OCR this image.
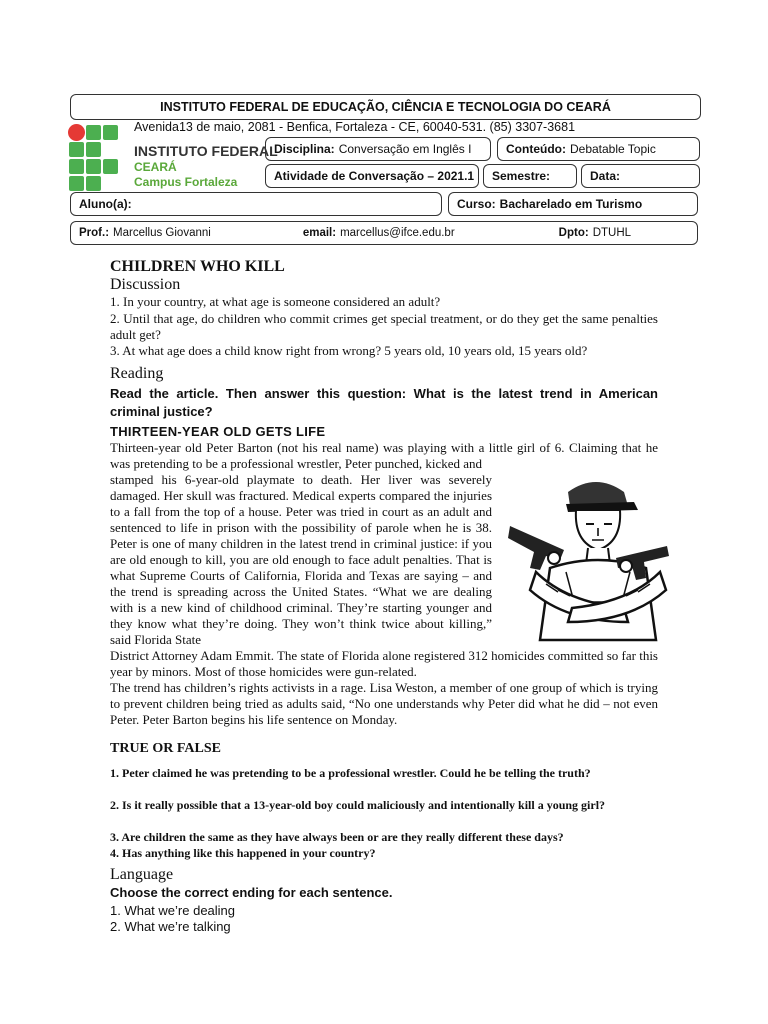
INSTITUTO FEDERAL DE EDUCAÇÃO, CIÊNCIA E TECNOLOGIA DO CEARÁ
Avenida13 de maio, 2081 - Benfica, Fortaleza - CE, 60040-531. (85) 3307-3681
INSTITUTO FEDERAL
CEARÁ
Campus Fortaleza
Disciplina: Conversação em Inglês I	Conteúdo: Debatable Topic
Atividade de Conversação – 2021.1 Semestre:	Data:
Aluno(a):	Curso: Bacharelado em Turismo
Prof.: Marcellus Giovanni	email: marcellus@ifce.edu.br	Dpto: DTUHL
CHILDREN WHO KILL
Discussion
1. In your country, at what age is someone considered an adult?
2. Until that age, do children who commit crimes get special treatment, or do they get the same penalties adult get?
3. At what age does a child know right from wrong? 5 years old, 10 years old, 15 years old?
Reading
Read the article. Then answer this question: What is the latest trend in American criminal justice?
THIRTEEN-YEAR OLD GETS LIFE

Thirteen-year old Peter Barton (not his real name) was playing with a little girl of 6. Claiming that he was pretending to be a professional wrestler, Peter punched, kicked and

stamped his 6-year-old playmate to death. Her liver was severely damaged. Her skull was fractured. Medical experts compared the injuries to a fall from the top of a house. Peter was tried in court as an adult and sentenced to life in prison with the possibility of parole when he is 38. Peter is one of many children in the latest trend in criminal justice: if you are old enough to kill, you are old enough to face adult penalties. That is what Supreme Courts of California, Florida and Texas are saying – and the trend is spreading across the United States. “What we are dealing with is a new kind of childhood criminal. They’re starting younger and they know what they’re doing. They won’t think twice about killing,” said Florida State

District Attorney Adam Emmit. The state of Florida alone registered 312 homicides committed so far this year by minors. Most of those homicides were gun-related.

The trend has children’s rights activists in a rage. Lisa Weston, a member of one group of which is trying to prevent children being tried as adults said, “No one understands why Peter did what he did – not even Peter. Peter Barton begins his life sentence on Monday.

TRUE OR FALSE
1. Peter claimed he was pretending to be a professional wrestler. Could he be telling the truth?
2. Is it really possible that a 13-year-old boy could maliciously and intentionally kill a young girl?
3. Are children the same as they have always been or are they really different these days?
4. Has anything like this happened in your country?
Language
Choose the correct ending for each sentence.
1. What we’re dealing
2. What we’re talking
